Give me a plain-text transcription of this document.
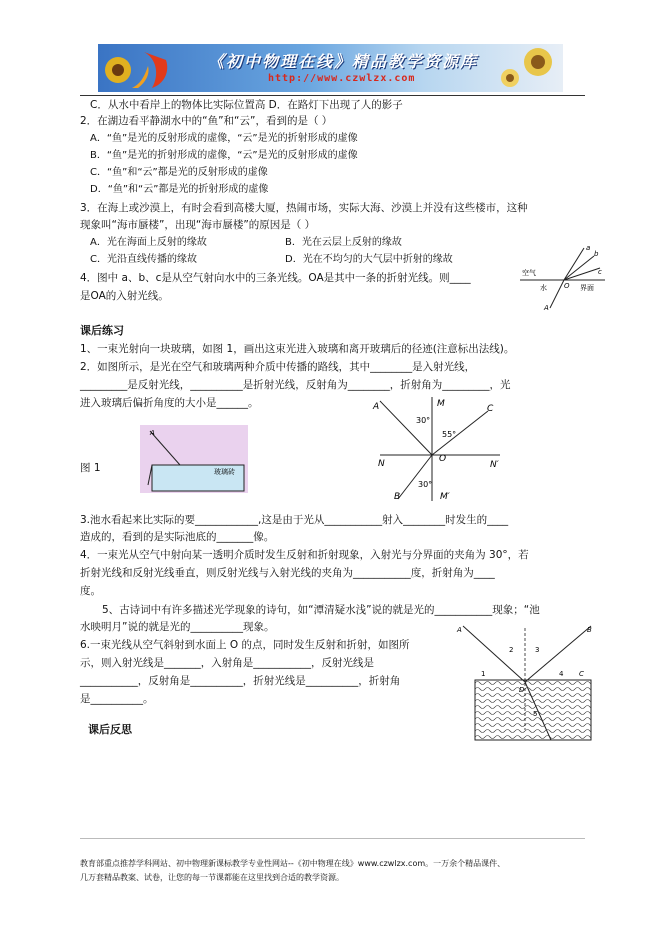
《初中物理在线》精品教学资源库
http://www.czwlzx.com
C．从水中看岸上的物体比实际位置高 D．在路灯下出现了人的影子
2．在湖边看平静湖水中的“鱼”和“云”，看到的是（ ）
A．“鱼”是光的反射形成的虚像，“云”是光的折射形成的虚像
B．“鱼”是光的折射形成的虚像，“云”是光的反射形成的虚像
C．“鱼”和“云”都是光的反射形成的虚像
D．“鱼”和“云”都是光的折射形成的虚像
3．在海上或沙漠上，有时会看到高楼大厦，热闹市场，实际大海、沙漠上并没有这些楼市，这种
现象叫“海市蜃楼”，出现“海市蜃楼”的原因是（ ）
A．光在海面上反射的缘故	B．光在云层上反射的缘故
C．光沿直线传播的缘故	D．光在不均匀的大气层中折射的缘故
4．图中 a、b、c是从空气射向水中的三条光线。OA是其中一条的折射光线。则____
是OA的入射光线。
空气
水	界面
a
b
c
O
A
课后练习
1、一束光射向一块玻璃，如图 1，画出这束光进入玻璃和离开玻璃后的径迹(注意标出法线)。
2．如图所示，是光在空气和玻璃两种介质中传播的路线，其中________是入射光线，
_________是反射光线，__________是折射光线，反射角为________，折射角为_________，光
进入玻璃后偏折角度的大小是______。
A
玻璃砖
图 1
A	M	C
N	O
N′
B	M′
30°
55°
30°
3.池水看起来比实际的要____________,这是由于光从___________射入________时发生的____
造成的，看到的是实际池底的_______像。
4．一束光从空气中射向某一透明介质时发生反射和折射现象，入射光与分界面的夹角为 30°，若
折射光线和反射光线垂直，则反射光线与入射光线的夹角为___________度，折射角为____
度。
5、古诗词中有许多描述光学现象的诗句，如“潭清疑水浅”说的就是光的___________现象；“池
水映明月”说的就是光的__________现象。
6.一束光线从空气斜射到水面上 O 的点，同时发生反射和折射，如图所
示，则入射光线是_______，入射角是___________，反射光线是
___________，反射角是__________，折射光线是__________，折射角
是__________。
A	B
1
2	3
4
5
C
D
课后反思
教育部重点推荐学科网站、初中物理新课标教学专业性网站--《初中物理在线》www.czwlzx.com。一万余个精品课件、
几万套精品教案、试卷，让您的每一节课都能在这里找到合适的教学资源。
